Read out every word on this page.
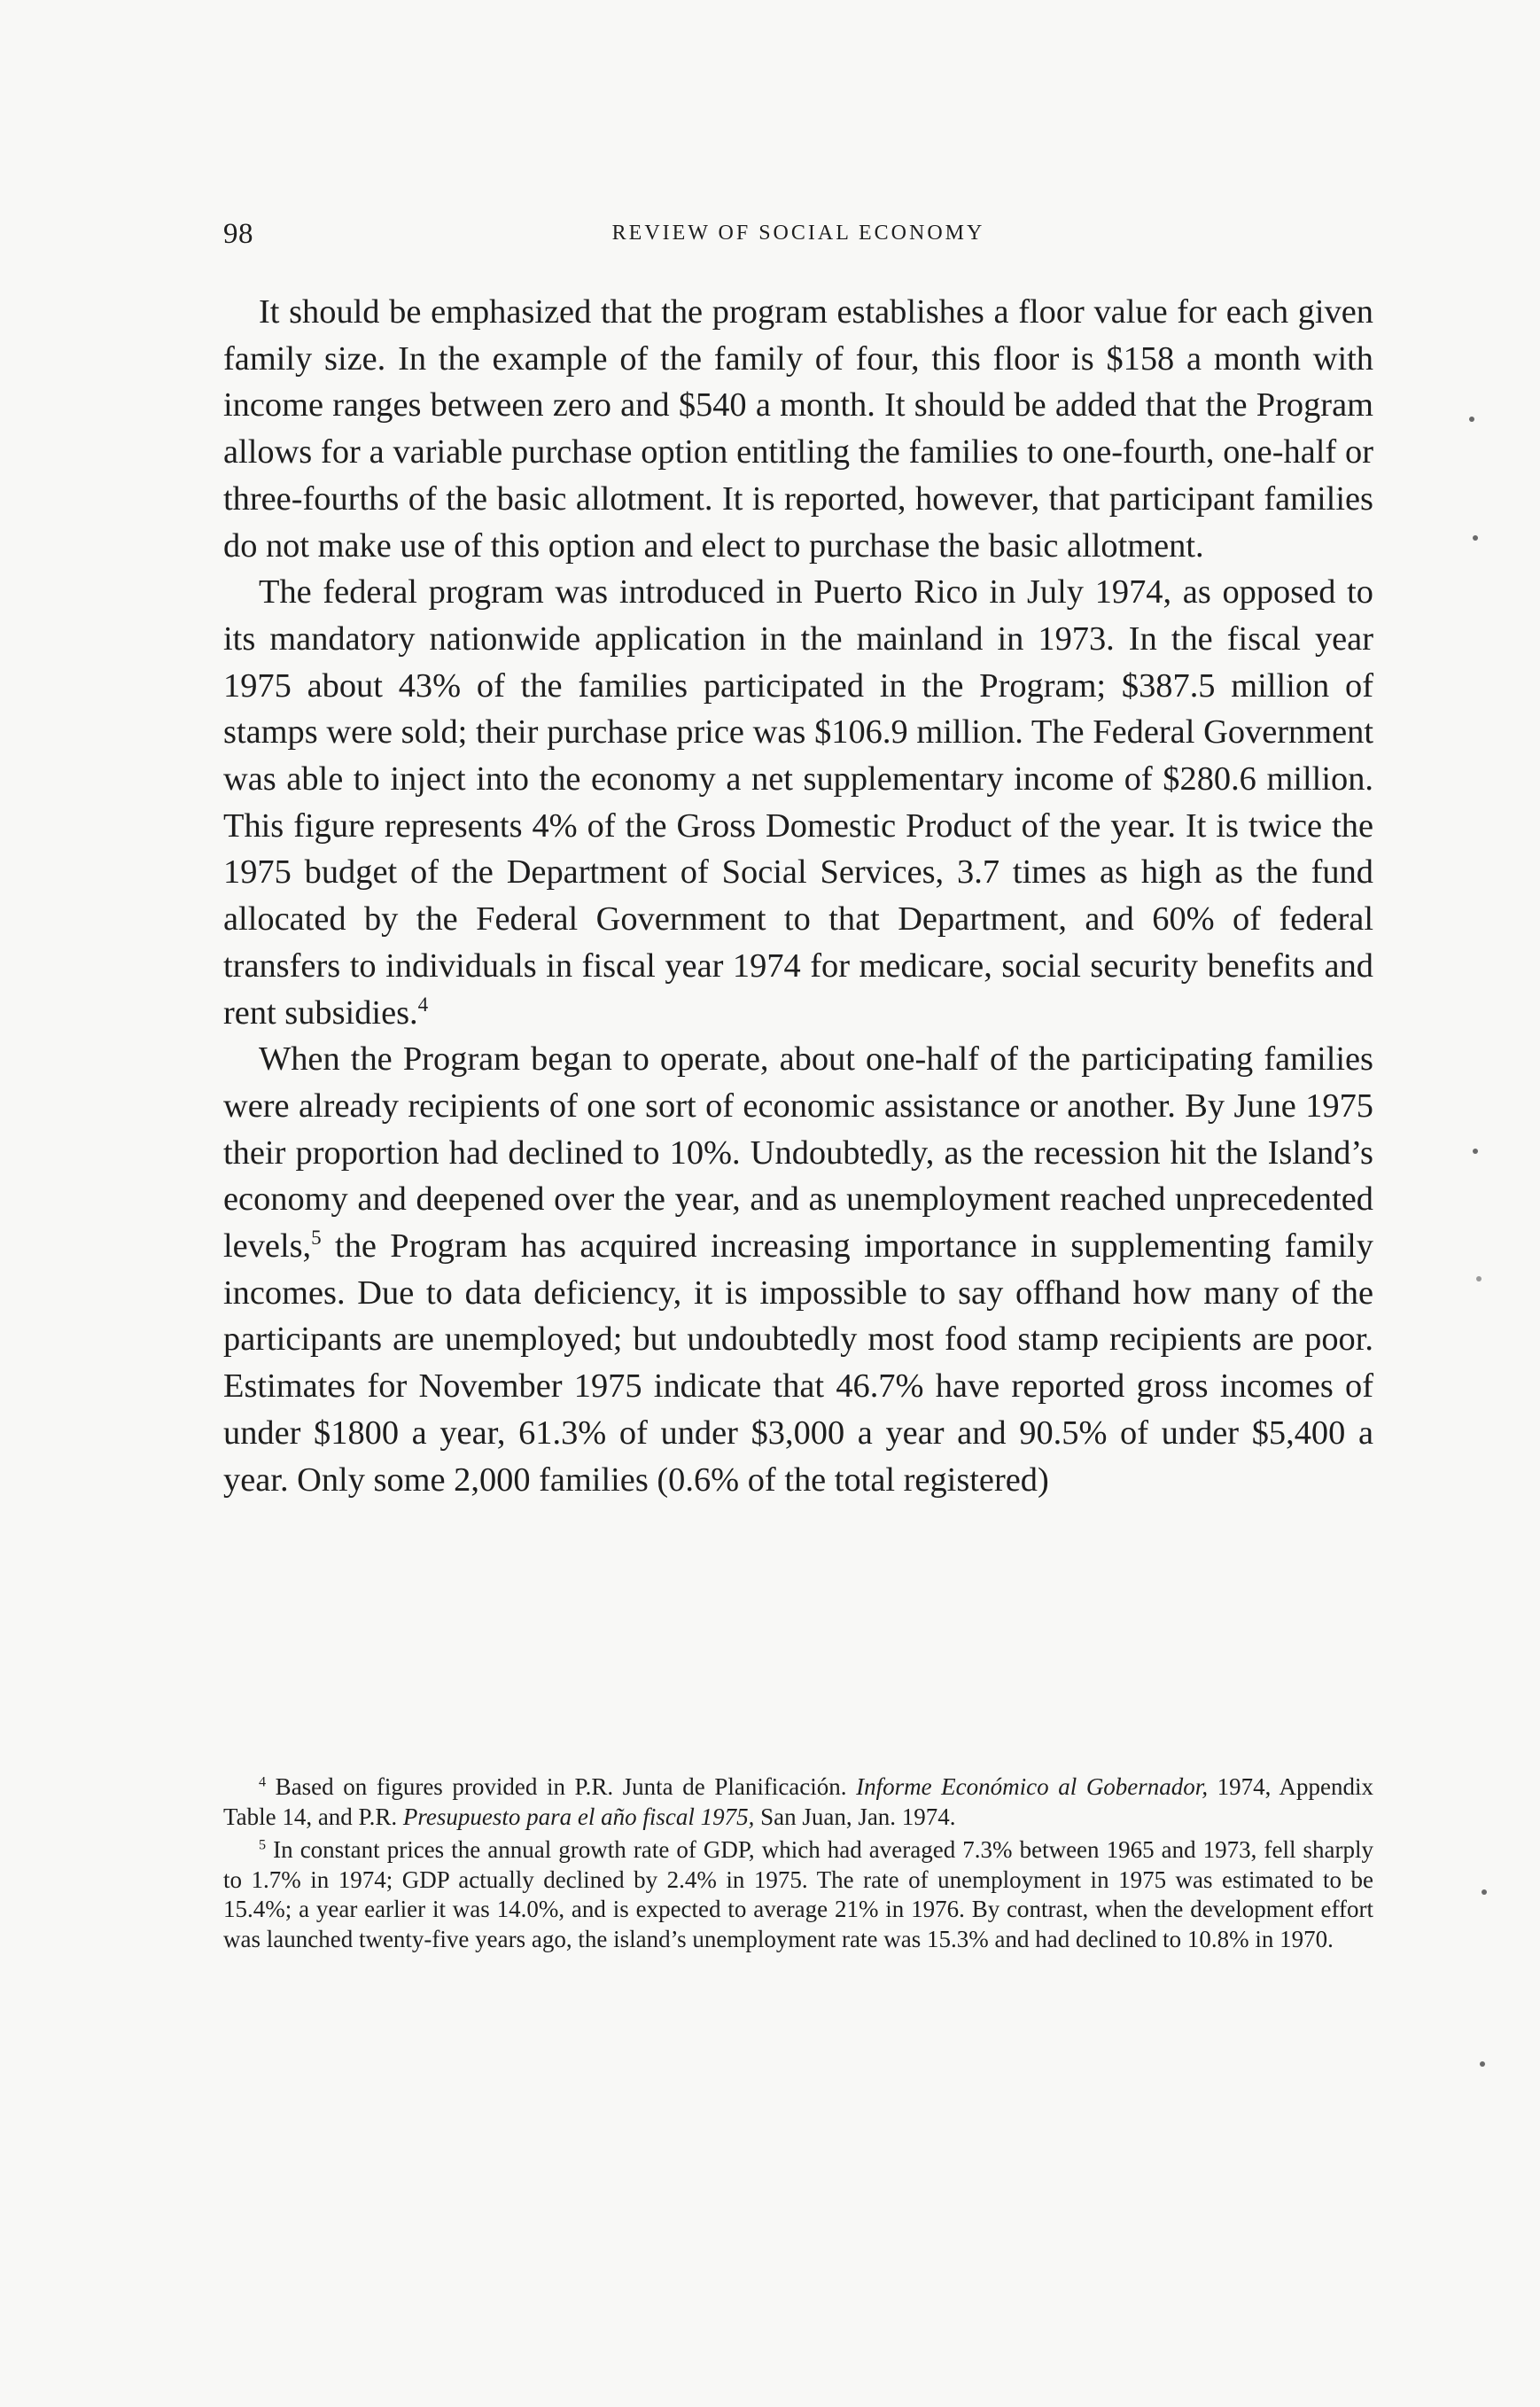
98	REVIEW OF SOCIAL ECONOMY

It should be emphasized that the program establishes a floor value for each given family size. In the example of the family of four, this floor is $158 a month with income ranges between zero and $540 a month. It should be added that the Program allows for a variable purchase option entitling the families to one-fourth, one-half or three-fourths of the basic allotment. It is reported, however, that participant families do not make use of this option and elect to purchase the basic allotment.

The federal program was introduced in Puerto Rico in July 1974, as opposed to its mandatory nationwide application in the mainland in 1973. In the fiscal year 1975 about 43% of the families participated in the Program; $387.5 million of stamps were sold; their purchase price was $106.9 million. The Federal Government was able to inject into the economy a net supplementary income of $280.6 million. This figure represents 4% of the Gross Domestic Product of the year. It is twice the 1975 budget of the Department of Social Services, 3.7 times as high as the fund allocated by the Federal Government to that Department, and 60% of federal transfers to individuals in fiscal year 1974 for medicare, social security benefits and rent subsidies.$^4$

When the Program began to operate, about one-half of the participating families were already recipients of one sort of economic assistance or another. By June 1975 their proportion had declined to 10%. Undoubtedly, as the recession hit the Island’s economy and deepened over the year, and as unemployment reached unprecedented levels,$^5$ the Program has acquired increasing importance in supplementing family incomes. Due to data deficiency, it is impossible to say offhand how many of the participants are unemployed; but undoubtedly most food stamp recipients are poor. Estimates for November 1975 indicate that 46.7% have reported gross incomes of under $1800 a year, 61.3% of under $3,000 a year and 90.5% of under $5,400 a year. Only some 2,000 families (0.6% of the total registered)

$^4$ Based on figures provided in P.R. Junta de Planificación. Informe Económico al Gobernador, 1974, Appendix Table 14, and P.R. Presupuesto para el año fiscal 1975, San Juan, Jan. 1974.

$^5$ In constant prices the annual growth rate of GDP, which had averaged 7.3% between 1965 and 1973, fell sharply to 1.7% in 1974; GDP actually declined by 2.4% in 1975. The rate of unemployment in 1975 was estimated to be 15.4%; a year earlier it was 14.0%, and is expected to average 21% in 1976. By contrast, when the development effort was launched twenty-five years ago, the island’s unemployment rate was 15.3% and had declined to 10.8% in 1970.
